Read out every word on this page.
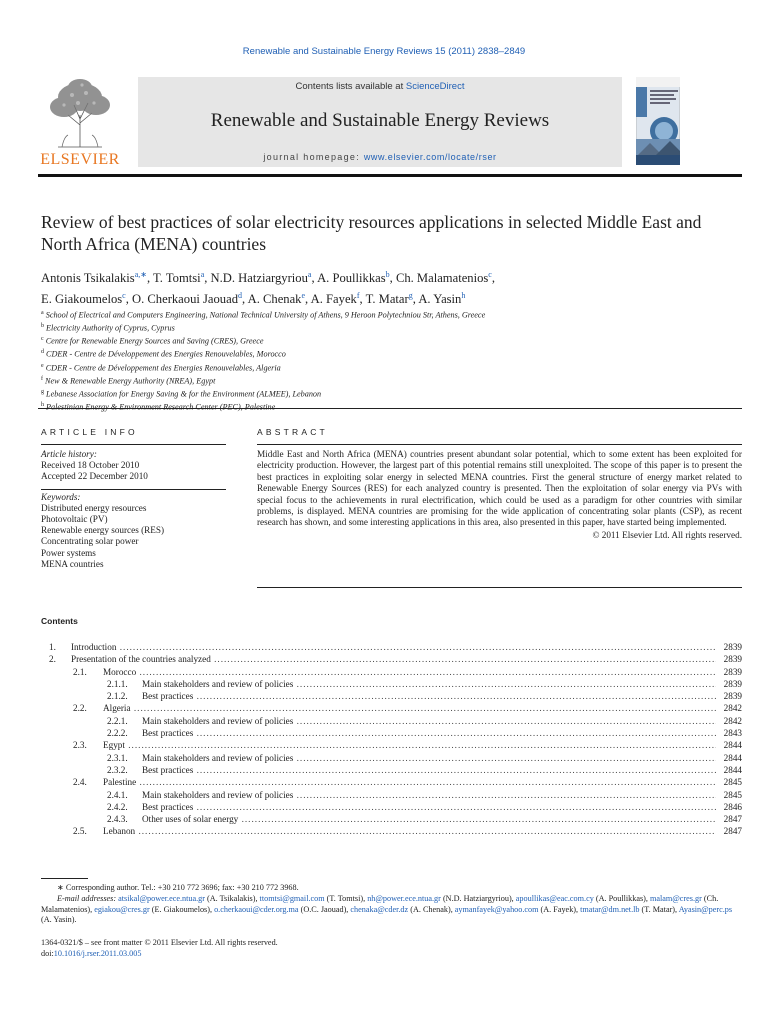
Renewable and Sustainable Energy Reviews 15 (2011) 2838–2849
ELSEVIER
Contents lists available at ScienceDirect
Renewable and Sustainable Energy Reviews
journal homepage: www.elsevier.com/locate/rser
Review of best practices of solar electricity resources applications in selected Middle East and North Africa (MENA) countries
Antonis Tsikalakis$^{a,∗}$, T. Tomtsi$^a$, N.D. Hatziargyriou$^a$, A. Poullikkas$^b$, Ch. Malamatenios$^c$,
E. Giakoumelos$^c$, O. Cherkaoui Jaouad$^d$, A. Chenak$^e$, A. Fayek$^f$, T. Matar$^g$, A. Yasin$^h$
$^a$ School of Electrical and Computers Engineering, National Technical University of Athens, 9 Heroon Polytechniou Str, Athens, Greece
$^b$ Electricity Authority of Cyprus, Cyprus
$^c$ Centre for Renewable Energy Sources and Saving (CRES), Greece
$^d$ CDER - Centre de Développement des Energies Renouvelables, Morocco
$^e$ CDER - Centre de Développement des Energies Renouvelables, Algeria
$^f$ New & Renewable Energy Authority (NREA), Egypt
$^g$ Lebanese Association for Energy Saving & for the Environment (ALMEE), Lebanon
$^h$
ARTICLE INFO	ABSTRACT
Article history:
Received 18 October 2010
Accepted 22 December 2010
Keywords:
Distributed energy resources
Photovoltaic (PV)
Renewable energy sources (RES)
Concentrating solar power
Power systems
MENA countries
Middle East and North Africa (MENA) countries present abundant solar potential, which to some extent has been exploited for electricity production. However, the largest part of this potential remains still unexploited. The scope of this paper is to present the best practices in exploiting solar energy in selected MENA countries. First the general structure of energy market related to Renewable Energy Sources (RES) for each analyzed country is presented. Then the exploitation of solar energy via PVs with special focus to the achievements in rural electrification, which could be used as a paradigm for other countries with similar problems, is displayed. MENA countries are promising for the wide application of concentrating solar plants (CSP), as recent research has shown, and some interesting applications in this area, also presented in this paper, have started being implemented.
© 2011 Elsevier Ltd. All rights reserved.
Contents
1. Introduction .....	2839
2. Presentation of the countries analyzed .....	2839
2.1. Morocco .....	2839
2.1.1. Main stakeholders and review of policies .....	2839
2.1.2. Best practices .....	2839
2.2. Algeria .....	2842
2.2.1. Main stakeholders and review of policies .....	2842
2.2.2. Best practices .....	2843
2.3. Egypt .....	2844
2.3.1. Main stakeholders and review of policies .....	2844
2.3.2. Best practices .....	2844
2.4. Palestine .....	2845
2.4.1. Main stakeholders and review of policies .....	2845
2.4.2. Best practices .....	2846
2.4.3. Other uses of solar energy .....	2847
2.5. Lebanon .....	2847
∗ Corresponding author. Tel.: +30 210 772 3696; fax: +30 210 772 3968.
E-mail addresses: atsikal@power.ece.ntua.gr (A. Tsikalakis), ttomtsi@gmail.com (T. Tomtsi), nh@power.ece.ntua.gr (N.D. Hatziargyriou), apoullikas@eac.com.cy (A. Poullikkas), malam@cres.gr (Ch. Malamatenios), egiakou@cres.gr (E. Giakoumelos), o.cherkaoui@cder.org.ma (O.C. Jaouad), chenaka@cder.dz (A. Chenak), aymanfayek@yahoo.com (A. Fayek), tmatar@dm.net.lb (T. Matar), Ayasin@perc.ps (A. Yasin).
1364-0321/$ – see front matter © 2011 Elsevier Ltd. All rights reserved.
doi:10.1016/j.rser.2011.03.005
